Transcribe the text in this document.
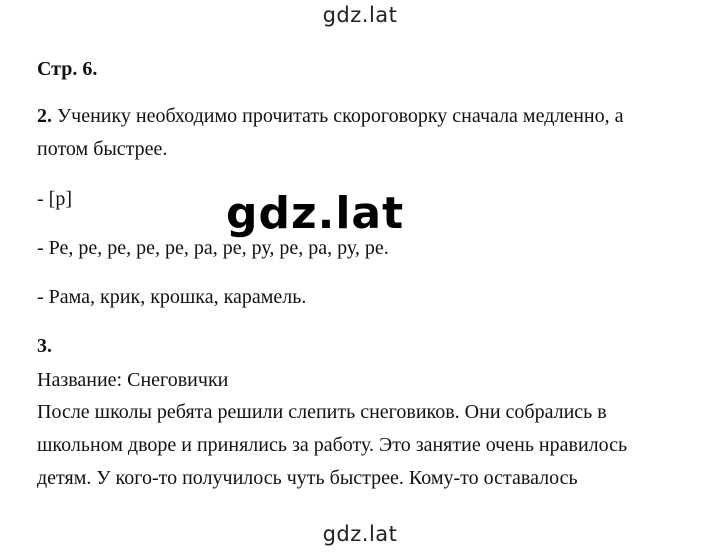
gdz.lat
Стр. 6.
2. Ученику необходимо прочитать скороговорку сначала медленно, а
потом быстрее.
- [р]
- Ре, ре, ре, ре, ре, ра, ре, ру, ре, ра, ру, ре.
- Рама, крик, крошка, карамель.
3.
Название: Снеговички
После школы ребята решили слепить снеговиков. Они собрались в
школьном дворе и принялись за работу. Это занятие очень нравилось
детям. У кого-то получилось чуть быстрее. Кому-то оставалось
gdz.lat
gdz.lat
